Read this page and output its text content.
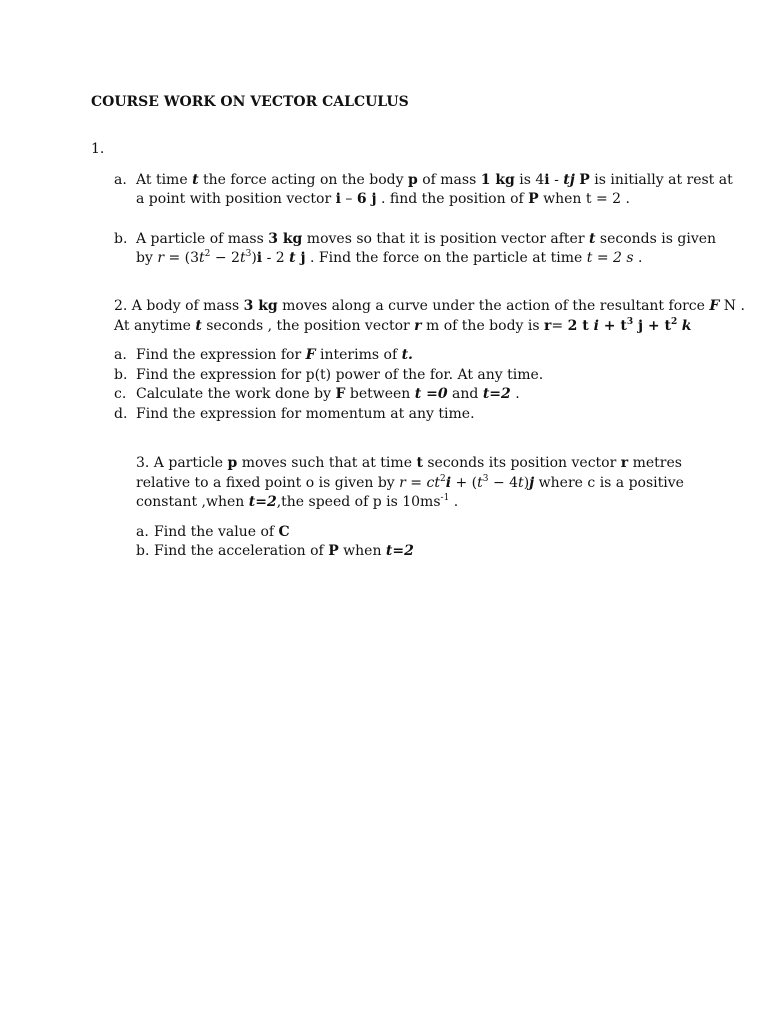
COURSE WORK ON VECTOR CALCULUS
1.
a. At time t the force acting on the body p of mass 1 kg is 4i - tj P is initially at rest at
a point with position vector i – 6 j . find the position of P when t = 2 .
b. A particle of mass 3 kg moves so that it is position vector after t seconds is given
by $r = (3t^2 - 2t^3)i - 2$ t j . Find the force on the particle at time t = 2 s .
2. A body of mass 3 kg moves along a curve under the action of the resultant force F N .
At anytime t seconds , the position vector r m of the body is r= 2 t $i + t^3$ $j + t^2$ k
a. Find the expression for F interims of t.
b. Find the expression for p(t) power of the for. At any time.
c. Calculate the work done by F between t =0 and t=2 .
d. Find the expression for momentum at any time.
3. A particle p moves such that at time t seconds its position vector r metres
relative to a fixed point o is given by $r = ct^2i + (t^3 - 4t)j$ where c is a positive
constant ,when t=2,the speed of p is $10ms^{-1}$ .
a. Find the value of C
b. Find the acceleration of P when t=2
